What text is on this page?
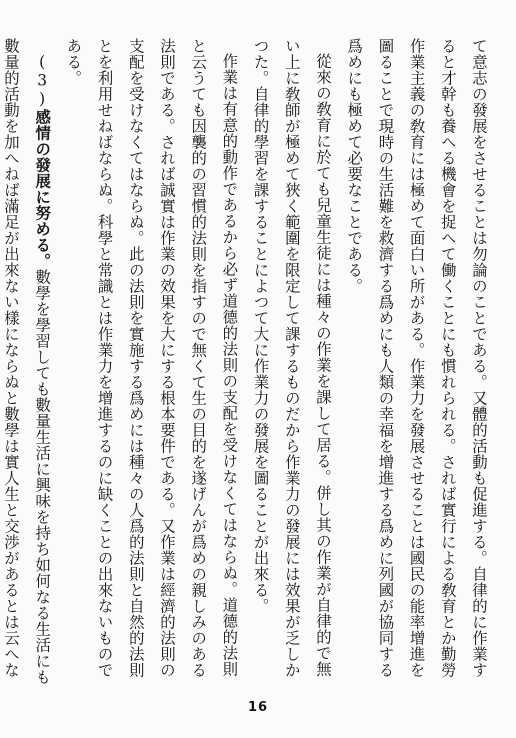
て意志の發展をさせることは勿論のことである。又體的活動も促進する。自律的に作業すると才幹も養へる機會を捉へて働くことにも慣れられる。されば實行による敎育とか勤勞作業主義の敎育には極めて面白い所がある。作業力を發展させることは國民の能率增進を圖ることで現時の生活難を救濟する爲めにも人類の幸福を增進する爲めに列國が協同する爲めにも極めて必要なことである。

從來の敎育に於ても兒童生徒には種々の作業を課して居る。併し其の作業が自律的で無い上に敎師が極めて狹く範圍を限定して課するものだから作業力の發展には效果が乏しかつた。自律的學習を課することによつて大に作業力の發展を圖ることが出來る。

作業は有意的動作であるから必ず道德的法則の支配を受けなくてはならぬ。道德的法則と云うても因襲的の習慣的法則を指すので無くて生の目的を遂げんが爲めの親しみのある法則である。されば誠實は作業の效果を大にする根本要件である。又作業は經濟的法則の支配を受けなくてはならぬ。此の法則を實施する爲めには種々の人爲的法則と自然的法則とを利用せねばならぬ。科學と常識とは作業力を增進するのに缺くことの出來ないものである。

(3)感情の發展に努める。數學を學習しても數量生活に興味を持ち如何なる生活にも數量的活動を加へねば滿足が出來ない樣にならぬと數學は實人生と交渉があるとは云へな

16
